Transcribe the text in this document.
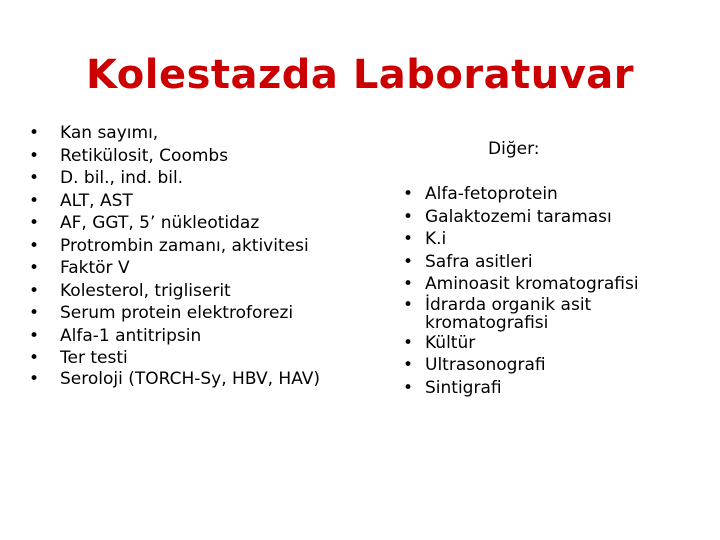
Kolestazda Laboratuvar
• Kan sayımı,
• Retikülosit, Coombs
• D. bil., ind. bil.
• ALT, AST
• AF, GGT, 5’ nükleotidaz
• Protrombin zamanı, aktivitesi
• Faktör V
• Kolesterol, trigliserit
• Serum protein elektroforezi
• Alfa-1 antitripsin
• Ter testi
• Seroloji (TORCH-Sy, HBV, HAV)
Diğer:
• Alfa-fetoprotein
• Galaktozemi taraması
• K.i
• Safra asitleri
• Aminoasit kromatografisi
• İdrarda organik asit kromatografisi
• Kültür
• Ultrasonografi
• Sintigrafi
